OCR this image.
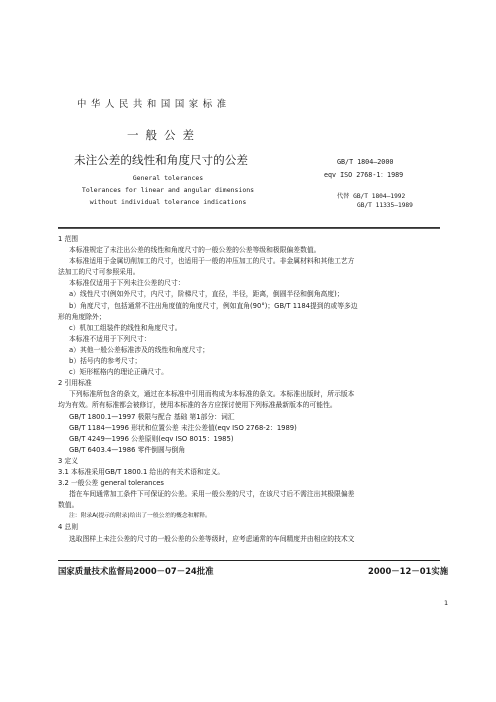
中华人民共和国国家标准
一般公差
未注公差的线性和角度尺寸的公差
General tolerances
Tolerances for linear and angular dimensions
without individual tolerance indications
GB/T 1804—2000
eqv ISO 2768-1：1989
代替 GB/T 1804—1992
GB/T 11335—1989
1 范围
本标准规定了未注出公差的线性和角度尺寸的一般公差的公差等级和极限偏差数值。
本标准适用于金属切削加工的尺寸，也适用于一般的冲压加工的尺寸。非金属材料和其他工艺方
法加工的尺寸可参照采用。
本标准仅适用于下列未注公差的尺寸：
a）线性尺寸(例如外尺寸，内尺寸，阶梯尺寸，直径，半径，距离，倒圆半径和倒角高度)；
b）角度尺寸，包括通常不注出角度值的角度尺寸，例如直角(90°)；GB/T 1184提到的或等多边
形的角度除外；
c）机加工组装件的线性和角度尺寸。
本标准不适用于下列尺寸：
a）其他一般公差标准涉及的线性和角度尺寸；
b）括号内的参考尺寸；
c）矩形框格内的理论正确尺寸。
2 引用标准
下列标准所包含的条文，通过在本标准中引用而构成为本标准的条文。本标准出版时，所示版本
均为有效。所有标准都会被修订，使用本标准的各方应探讨使用下列标准最新版本的可能性。
GB/T 1800.1—1997 极限与配合 基础 第1部分：词汇
GB/T 1184—1996 形状和位置公差 未注公差值(eqv ISO 2768-2：1989)
GB/T 4249—1996 公差原则(eqv ISO 8015：1985)
GB/T 6403.4—1986 零件倒圆与倒角
3 定义
3.1 本标准采用GB/T 1800.1 给出的有关术语和定义。
3.2 一般公差 general tolerances
指在车间通常加工条件下可保证的公差。采用一般公差的尺寸，在该尺寸后不需注出其极限偏差
数值。
注：附录A(提示的附录)给出了一般公差的概念和解释。
4 总则
选取图样上未注公差的尺寸的一般公差的公差等级时，应考虑通常的车间精度并由相应的技术文
国家质量技术监督局2000－07－24批准	2000－12－01实施
1
